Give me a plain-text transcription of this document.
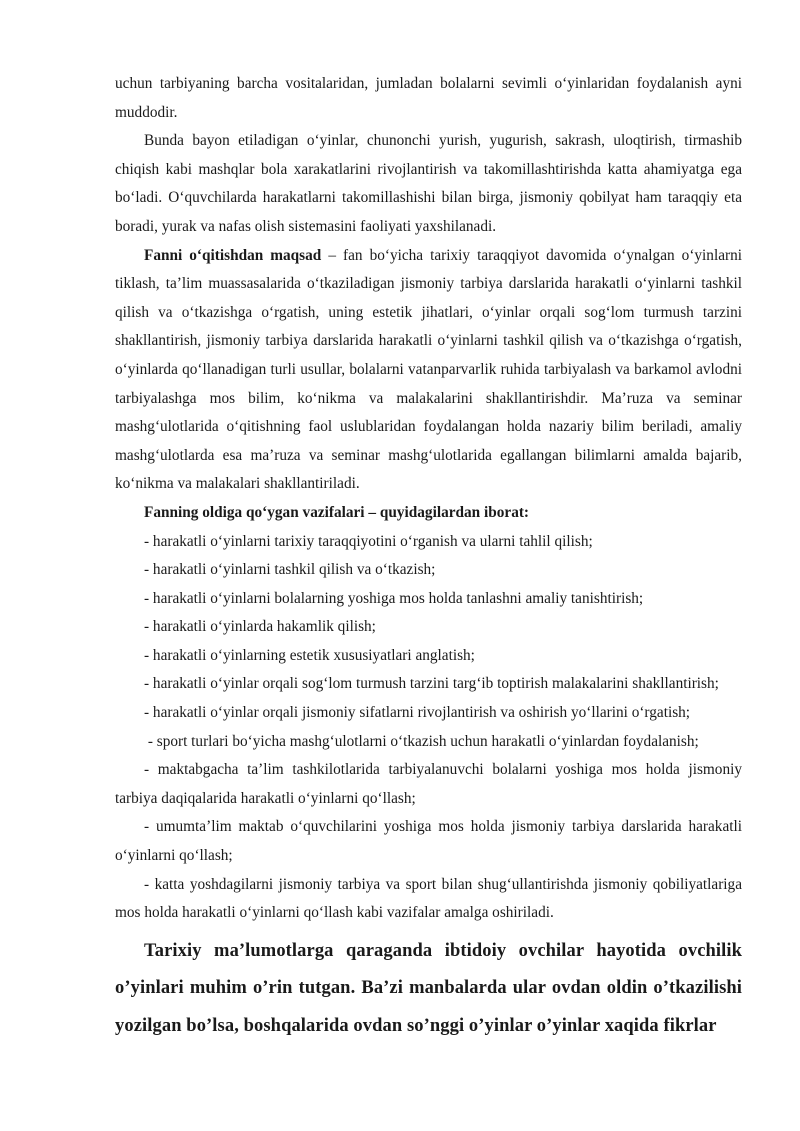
uchun tarbiyaning barcha vositalaridan, jumladan bolalarni sevimli o‘yinlaridan foydalanish ayni muddodir.

Bunda bayon etiladigan o‘yinlar, chunonchi yurish, yugurish, sakrash, uloqtirish, tirmashib chiqish kabi mashqlar bola xarakatlarini rivojlantirish va takomillashtirishda katta ahamiyatga ega bo‘ladi. O‘quvchilarda harakatlarni takomillashishi bilan birga, jismoniy qobilyat ham taraqqiy eta boradi, yurak va nafas olish sistemasini faoliyati yaxshilanadi.

Fanni o‘qitishdan maqsad – fan bo‘yicha tarixiy taraqqiyot davomida o‘ynalgan o‘yinlarni tiklash, ta’lim muassasalarida o‘tkaziladigan jismoniy tarbiya darslarida harakatli o‘yinlarni tashkil qilish va o‘tkazishga o‘rgatish, uning estetik jihatlari, o‘yinlar orqali sog‘lom turmush tarzini shakllantirish, jismoniy tarbiya darslarida harakatli o‘yinlarni tashkil qilish va o‘tkazishga o‘rgatish, o‘yinlarda qo‘llanadigan turli usullar, bolalarni vatanparvarlik ruhida tarbiyalash va barkamol avlodni tarbiyalashga mos bilim, ko‘nikma va malakalarini shakllantirishdir. Ma’ruza va seminar mashg‘ulotlarida o‘qitishning faol uslublaridan foydalangan holda nazariy bilim beriladi, amaliy mashg‘ulotlarda esa ma’ruza va seminar mashg‘ulotlarida egallangan bilimlarni amalda bajarib, ko‘nikma va malakalari shakllantiriladi.

Fanning oldiga qo‘ygan vazifalari – quyidagilardan iborat:

- harakatli o‘yinlarni tarixiy taraqqiyotini o‘rganish va ularni tahlil qilish;

- harakatli o‘yinlarni tashkil qilish va o‘tkazish;

- harakatli o‘yinlarni bolalarning yoshiga mos holda tanlashni amaliy tanishtirish;

- harakatli o‘yinlarda hakamlik qilish;

- harakatli o‘yinlarning estetik xususiyatlari anglatish;

- harakatli o‘yinlar orqali sog‘lom turmush tarzini targ‘ib toptirish malakalarini shakllantirish;

- harakatli o‘yinlar orqali jismoniy sifatlarni rivojlantirish va oshirish yo‘llarini o‘rgatish;

- sport turlari bo‘yicha mashg‘ulotlarni o‘tkazish uchun harakatli o‘yinlardan foydalanish;

- maktabgacha ta’lim tashkilotlarida tarbiyalanuvchi bolalarni yoshiga mos holda jismoniy tarbiya daqiqalarida harakatli o‘yinlarni qo‘llash;

- umumta’lim maktab o‘quvchilarini yoshiga mos holda jismoniy tarbiya darslarida harakatli o‘yinlarni qo‘llash;

- katta yoshdagilarni jismoniy tarbiya va sport bilan shug‘ullantirishda jismoniy qobiliyatlariga mos holda harakatli o‘yinlarni qo‘llash kabi vazifalar amalga oshiriladi.

Tarixiy ma’lumotlarga qaraganda ibtidoiy ovchilar hayotida ovchilik o’yinlari muhim o’rin tutgan. Ba’zi manbalarda ular ovdan oldin o’tkazilishi yozilgan bo’lsa, boshqalarida ovdan so’nggi o’yinlar o’yinlar xaqida fikrlar
